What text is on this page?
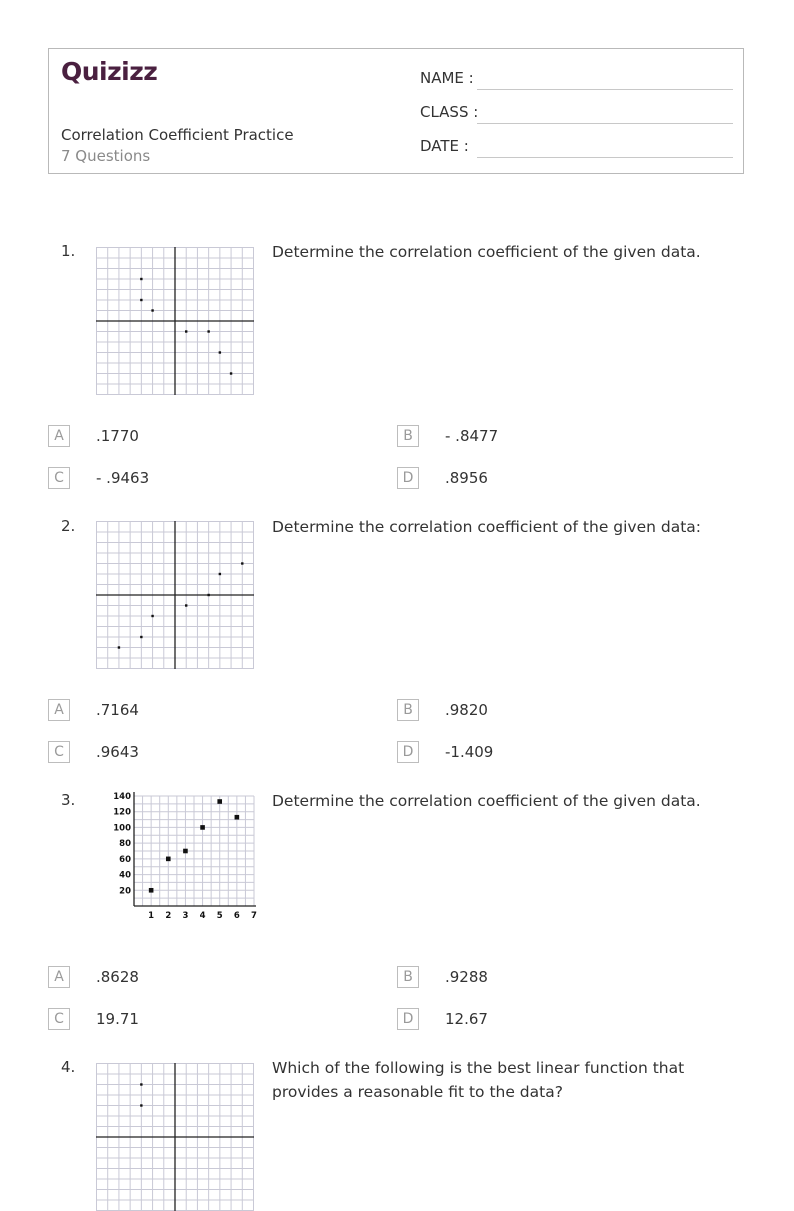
Quizizz
Correlation Coefficient Practice
7 Questions
NAME :
CLASS :
DATE :
1.	Determine the correlation coefficient of the given data.
A	.1770	B	- .8477
C	- .9463	D	.8956
2.	Determine the correlation coefficient of the given data:
A	.7164	B	.9820
C	.9643	D	-1.409
3.
1 2 3 4 5 6 7
20
40
60
80
100
120
140	Determine the correlation coefficient of the given data.
A	.8628	B	.9288
C	19.71	D	12.67
4.	Which of the following is the best linear function that provides a reasonable fit to the data?
